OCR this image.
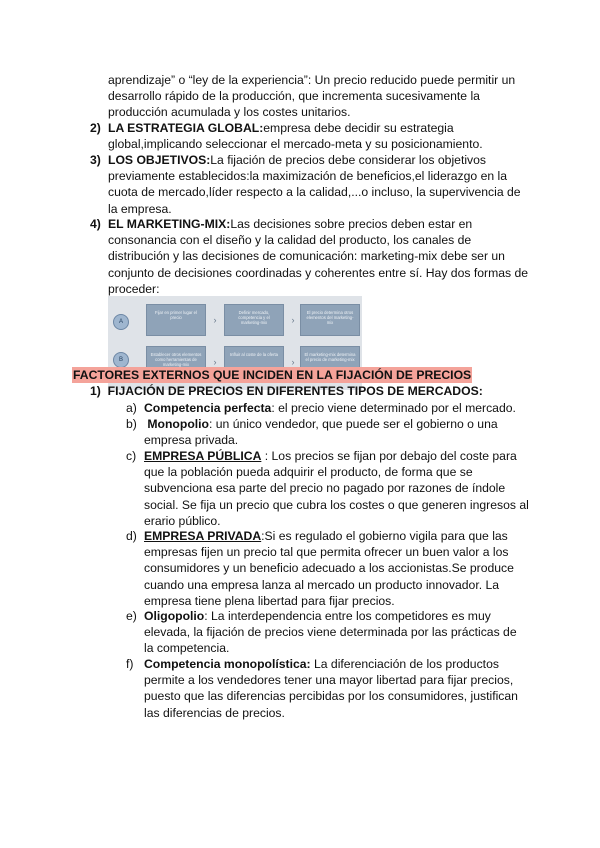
aprendizaje” o “ley de la experiencia”: Un precio reducido puede permitir un
desarrollo rápido de la producción, que incrementa sucesivamente la
producción acumulada y los costes unitarios.
2) LA ESTRATEGIA GLOBAL:empresa debe decidir su estrategia
global,implicando seleccionar el mercado-meta y su posicionamiento.
3) LOS OBJETIVOS:La fijación de precios debe considerar los objetivos
previamente establecidos:la maximización de beneficios,el liderazgo en la
cuota de mercado,líder respecto a la calidad,...o incluso, la supervivencia de
la empresa.
4) EL MARKETING-MIX:Las decisiones sobre precios deben estar en
consonancia con el diseño y la calidad del producto, los canales de
distribución y las decisiones de comunicación: marketing-mix debe ser un
conjunto de decisiones coordinadas y coherentes entre sí. Hay dos formas de
proceder:
A
Fijar en primer lugar el precio	›
Definir mercado, competencia y el marketing-mix	›
El precio determina otros elementos del marketing-mix
B
Establecer otros elementos como herramientas de marketing-mix	›
Influir al coste de la oferta
›
El marketing-mix determina el precio de marketing-mix
FACTORES EXTERNOS QUE INCIDEN EN LA FIJACIÓN DE PRECIOS
1) FIJACIÓN DE PRECIOS EN DIFERENTES TIPOS DE MERCADOS:
a) Competencia perfecta: el precio viene determinado por el mercado.
b) Monopolio: un único vendedor, que puede ser el gobierno o una
empresa privada.
c) EMPRESA PÚBLICA : Los precios se fijan por debajo del coste para
que la población pueda adquirir el producto, de forma que se
subvenciona esa parte del precio no pagado por razones de índole
social. Se fija un precio que cubra los costes o que generen ingresos al
erario público.
d) EMPRESA PRIVADA:Si es regulado el gobierno vigila para que las
empresas fijen un precio tal que permita ofrecer un buen valor a los
consumidores y un beneficio adecuado a los accionistas.Se produce
cuando una empresa lanza al mercado un producto innovador. La
empresa tiene plena libertad para fijar precios.
e) Oligopolio: La interdependencia entre los competidores es muy
elevada, la fijación de precios viene determinada por las prácticas de
la competencia.
f) Competencia monopolística: La diferenciación de los productos
permite a los vendedores tener una mayor libertad para fijar precios,
puesto que las diferencias percibidas por los consumidores, justifican
las diferencias de precios.
